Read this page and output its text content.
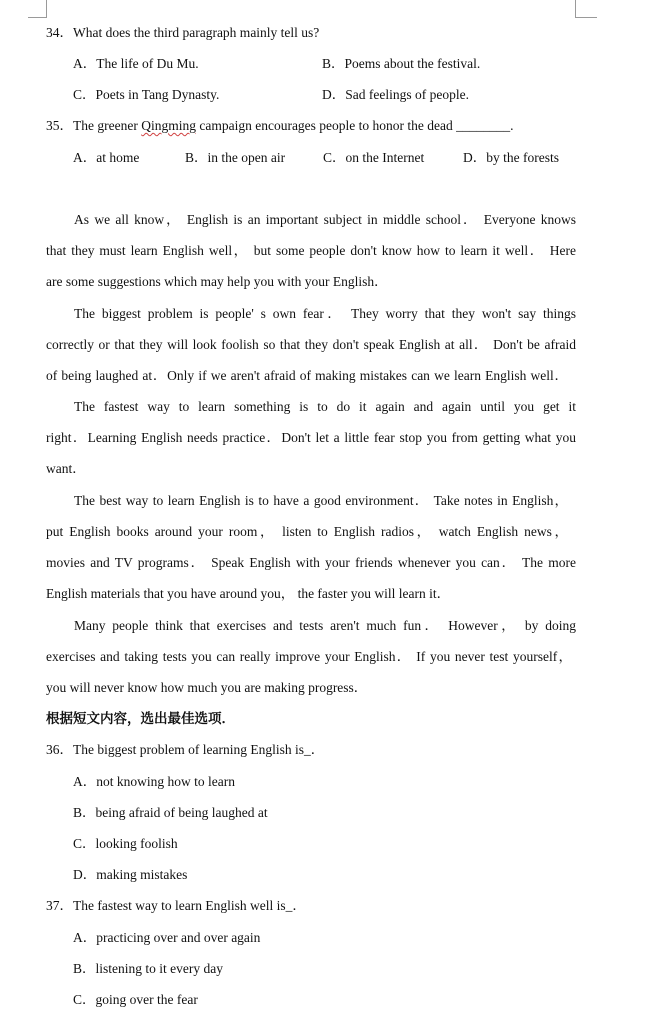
34．What does the third paragraph mainly tell us?
A．The life of Du Mu.	B．Poems about the festival.
C．Poets in Tang Dynasty.	D．Sad feelings of people.
35．The greener Qingming campaign encourages people to honor the dead ________.
A．at home	B．in the open air	C．on the Internet	D．by the forests
As we all know， English is an important subject in middle school． Everyone knows
that they must learn English well， but some people don't know how to learn it well． Here
are some suggestions which may help you with your English．
The biggest problem is people' s own fear． They worry that they won't say things
correctly or that they will look foolish so that they don't speak English at all． Don't be afraid
of being laughed at．Only if we aren't afraid of making mistakes can we learn English well．
The fastest way to learn something is to do it again and again until you get it
right．Learning English needs practice．Don't let a little fear stop you from getting what you
want．
The best way to learn English is to have a good environment． Take notes in English，
put English books around your room， listen to English radios， watch English news，
movies and TV programs． Speak English with your friends whenever you can． The more
English materials that you have around you， the faster you will learn it．
Many people think that exercises and tests aren't much fun． However， by doing
exercises and taking tests you can really improve your English． If you never test yourself，
you will never know how much you are making progress．
根据短文内容，选出最佳选项．
36．The biggest problem of learning English is_．
A．not knowing how to learn
B．being afraid of being laughed at
C．looking foolish
D．making mistakes
37．The fastest way to learn English well is_．
A．practicing over and over again
B．listening to it every day
C．going over the fear
